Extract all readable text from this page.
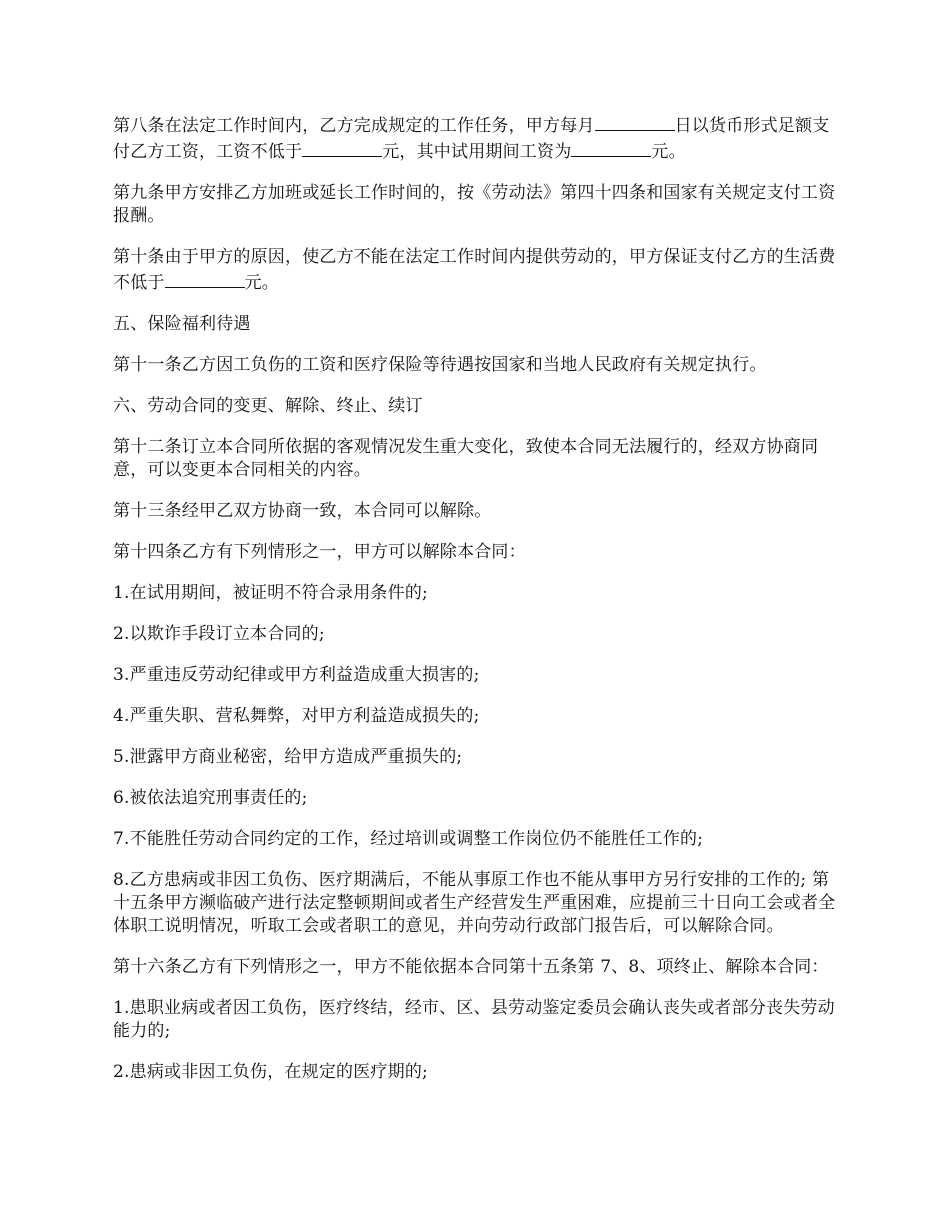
第八条在法定工作时间内，乙方完成规定的工作任务，甲方每月	日以货币形式足额支付乙方工资，工资不低于	元，其中试用期间工资为	元。

第九条甲方安排乙方加班或延长工作时间的，按《劳动法》第四十四条和国家有关规定支付工资报酬。

第十条由于甲方的原因，使乙方不能在法定工作时间内提供劳动的，甲方保证支付乙方的生活费不低于	元。

五、保险福利待遇

第十一条乙方因工负伤的工资和医疗保险等待遇按国家和当地人民政府有关规定执行。

六、劳动合同的变更、解除、终止、续订

第十二条订立本合同所依据的客观情况发生重大变化，致使本合同无法履行的，经双方协商同意，可以变更本合同相关的内容。

第十三条经甲乙双方协商一致，本合同可以解除。

第十四条乙方有下列情形之一，甲方可以解除本合同：

1.在试用期间，被证明不符合录用条件的;

2.以欺诈手段订立本合同的;

3.严重违反劳动纪律或甲方利益造成重大损害的;

4.严重失职、营私舞弊，对甲方利益造成损失的;

5.泄露甲方商业秘密，给甲方造成严重损失的;

6.被依法追究刑事责任的;

7.不能胜任劳动合同约定的工作，经过培训或调整工作岗位仍不能胜任工作的;

8.乙方患病或非因工负伤、医疗期满后，不能从事原工作也不能从事甲方另行安排的工作的; 第十五条甲方濒临破产进行法定整顿期间或者生产经营发生严重困难，应提前三十日向工会或者全体职工说明情况，听取工会或者职工的意见，并向劳动行政部门报告后，可以解除合同。

第十六条乙方有下列情形之一，甲方不能依据本合同第十五条第 7、8、项终止、解除本合同：

1.患职业病或者因工负伤，医疗终结，经市、区、县劳动鉴定委员会确认丧失或者部分丧失劳动能力的;

2.患病或非因工负伤，在规定的医疗期的;
